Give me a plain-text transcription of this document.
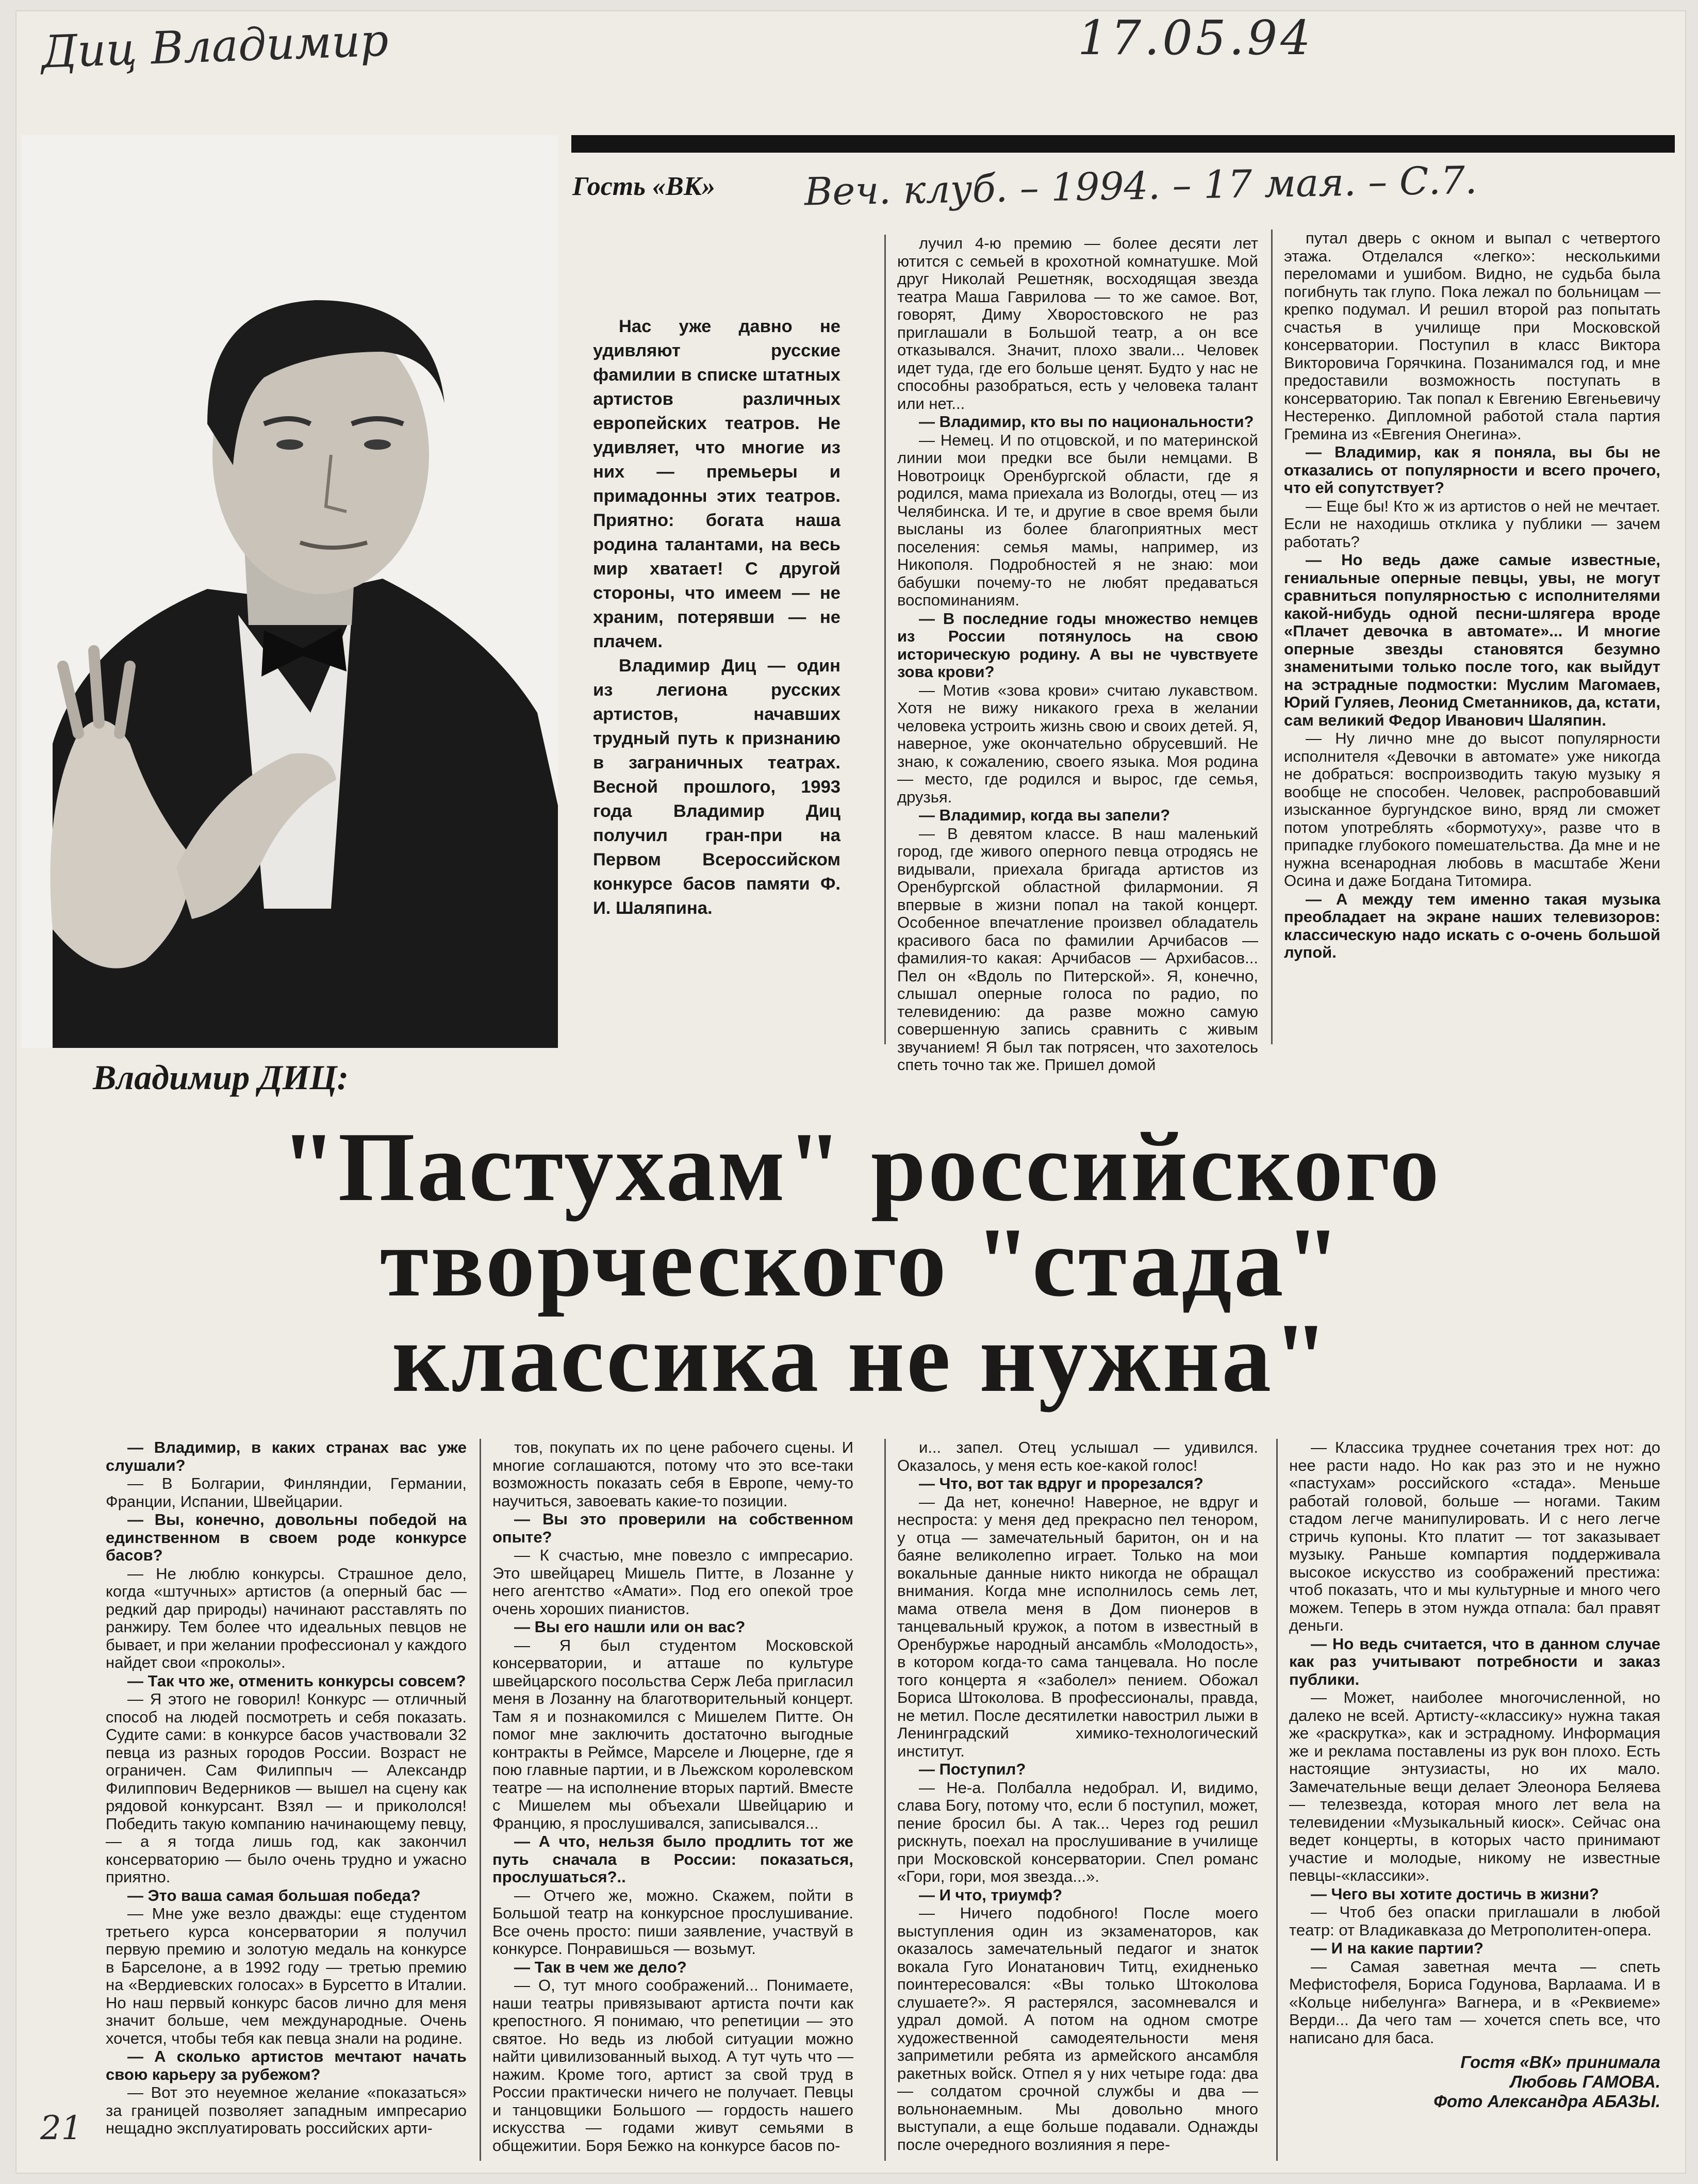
Диц Владимир	17.05.94
Гость «ВК» Веч. клуб. – 1994. – 17 мая. – С.7.

Нас уже давно не удивляют русские фамилии в списке штатных артистов различных европейских театров. Не удивляет, что многие из них — премьеры и примадонны этих театров. Приятно: богата наша родина талантами, на весь мир хватает! С другой стороны, что имеем — не храним, потерявши — не плачем.

Владимир Диц — один из легиона русских артистов, начавших трудный путь к признанию в заграничных театрах. Весной прошлого, 1993 года Владимир Диц получил гран-при на Первом Всероссийском конкурсе басов памяти Ф. И. Шаляпина.

лучил 4-ю премию — более десяти лет ютится с семьей в крохотной комнатушке. Мой друг Николай Решетняк, восходящая звезда театра Маша Гаврилова — то же самое. Вот, говорят, Диму Хворостовского не раз приглашали в Большой театр, а он все отказывался. Значит, плохо звали... Человек идет туда, где его больше ценят. Будто у нас не способны разобраться, есть у человека талант или нет...

— Владимир, кто вы по национальности?

— Немец. И по отцовской, и по материнской линии мои предки все были немцами. В Новотроицк Оренбургской области, где я родился, мама приехала из Вологды, отец — из Челябинска. И те, и другие в свое время были высланы из более благоприятных мест поселения: семья мамы, например, из Никополя. Подробностей я не знаю: мои бабушки почему-то не любят предаваться воспоминаниям.

— В последние годы множество немцев из России потянулось на свою историческую родину. А вы не чувствуете зова крови?

— Мотив «зова крови» считаю лукавством. Хотя не вижу никакого греха в желании человека устроить жизнь свою и своих детей. Я, наверное, уже окончательно обрусевший. Не знаю, к сожалению, своего языка. Моя родина — место, где родился и вырос, где семья, друзья.

— Владимир, когда вы запели?

— В девятом классе. В наш маленький город, где живого оперного певца отродясь не видывали, приехала бригада артистов из Оренбургской областной филармонии. Я впервые в жизни попал на такой концерт. Особенное впечатление произвел обладатель красивого баса по фамилии Арчибасов — фамилия-то какая: Арчибасов — Архибасов... Пел он «Вдоль по Питерской». Я, конечно, слышал оперные голоса по радио, по телевидению: да разве можно самую совершенную запись сравнить с живым звучанием! Я был так потрясен, что захотелось спеть точно так же. Пришел домой

путал дверь с окном и выпал с четвертого этажа. Отделался «легко»: несколькими переломами и ушибом. Видно, не судьба была погибнуть так глупо. Пока лежал по больницам — крепко подумал. И решил второй раз попытать счастья в училище при Московской консерватории. Поступил в класс Виктора Викторовича Горячкина. Позанимался год, и мне предоставили возможность поступать в консерваторию. Так попал к Евгению Евгеньевичу Нестеренко. Дипломной работой стала партия Гремина из «Евгения Онегина».

— Владимир, как я поняла, вы бы не отказались от популярности и всего прочего, что ей сопутствует?

— Еще бы! Кто ж из артистов о ней не мечтает. Если не находишь отклика у публики — зачем работать?

— Но ведь даже самые известные, гениальные оперные певцы, увы, не могут сравниться популярностью с исполнителями какой-нибудь одной песни-шлягера вроде «Плачет девочка в автомате»... И многие оперные звезды становятся безумно знаменитыми только после того, как выйдут на эстрадные подмостки: Муслим Магомаев, Юрий Гуляев, Леонид Сметанников, да, кстати, сам великий Федор Иванович Шаляпин.

— Ну лично мне до высот популярности исполнителя «Девочки в автомате» уже никогда не добраться: воспроизводить такую музыку я вообще не способен. Человек, распробовавший изысканное бургундское вино, вряд ли сможет потом употреблять «бормотуху», разве что в припадке глубокого помешательства. Да мне и не нужна всенародная любовь в масштабе Жени Осина и даже Богдана Титомира.

— А между тем именно такая музыка преобладает на экране наших телевизоров: классическую надо искать с о-очень большой лупой.

Владимир ДИЦ:
"Пастухам" российского
творческого "стада"
классика не нужна"

— Владимир, в каких странах вас уже слушали?

— В Болгарии, Финляндии, Германии, Франции, Испании, Швейцарии.

— Вы, конечно, довольны победой на единственном в своем роде конкурсе басов?

— Не люблю конкурсы. Страшное дело, когда «штучных» артистов (а оперный бас — редкий дар природы) начинают расставлять по ранжиру. Тем более что идеальных певцов не бывает, и при желании профессионал у каждого найдет свои «проколы».

— Так что же, отменить конкурсы совсем?

— Я этого не говорил! Конкурс — отличный способ на людей посмотреть и себя показать. Судите сами: в конкурсе басов участвовали 32 певца из разных городов России. Возраст не ограничен. Сам Филиппыч — Александр Филиппович Ведерников — вышел на сцену как рядовой конкурсант. Взял — и прикололся! Победить такую компанию начинающему певцу, — а я тогда лишь год, как закончил консерваторию — было очень трудно и ужасно приятно.

— Это ваша самая большая победа?

— Мне уже везло дважды: еще студентом третьего курса консерватории я получил первую премию и золотую медаль на конкурсе в Барселоне, а в 1992 году — третью премию на «Вердиевских голосах» в Бурсетто в Италии. Но наш первый конкурс басов лично для меня значит больше, чем международные. Очень хочется, чтобы тебя как певца знали на родине.

— А сколько артистов мечтают начать свою карьеру за рубежом?

— Вот это неуемное желание «показаться» за границей позволяет западным импресарио нещадно эксплуатировать российских арти-

тов, покупать их по цене рабочего сцены. И многие соглашаются, потому что это все-таки возможность показать себя в Европе, чему-то научиться, завоевать какие-то позиции.

— Вы это проверили на собственном опыте?

— К счастью, мне повезло с импресарио. Это швейцарец Мишель Питте, в Лозанне у него агентство «Амати». Под его опекой трое очень хороших пианистов.

— Вы его нашли или он вас?

— Я был студентом Московской консерватории, и атташе по культуре швейцарского посольства Серж Леба пригласил меня в Лозанну на благотворительный концерт. Там я и познакомился с Мишелем Питте. Он помог мне заключить достаточно выгодные контракты в Реймсе, Марселе и Люцерне, где я пою главные партии, и в Льежском королевском театре — на исполнение вторых партий. Вместе с Мишелем мы объехали Швейцарию и Францию, я прослушивался, записывался...

— А что, нельзя было продлить тот же путь сначала в России: показаться, прослушаться?..

— Отчего же, можно. Скажем, пойти в Большой театр на конкурсное прослушивание. Все очень просто: пиши заявление, участвуй в конкурсе. Понравишься — возьмут.

— Так в чем же дело?

— О, тут много соображений... Понимаете, наши театры привязывают артиста почти как крепостного. Я понимаю, что репетиции — это святое. Но ведь из любой ситуации можно найти цивилизованный выход. А тут чуть что — нажим. Кроме того, артист за свой труд в России практически ничего не получает. Певцы и танцовщики Большого — гордость нашего искусства — годами живут семьями в общежитии. Боря Бежко на конкурсе басов по-

и... запел. Отец услышал — удивился. Оказалось, у меня есть кое-какой голос!

— Что, вот так вдруг и прорезался?

— Да нет, конечно! Наверное, не вдруг и неспроста: у меня дед прекрасно пел тенором, у отца — замечательный баритон, он и на баяне великолепно играет. Только на мои вокальные данные никто никогда не обращал внимания. Когда мне исполнилось семь лет, мама отвела меня в Дом пионеров в танцевальный кружок, а потом в известный в Оренбуржье народный ансамбль «Молодость», в котором когда-то сама танцевала. Но после того концерта я «заболел» пением. Обожал Бориса Штоколова. В профессионалы, правда, не метил. После десятилетки навострил лыжи в Ленинградский химико-технологический институт.

— Поступил?

— Не-а. Полбалла недобрал. И, видимо, слава Богу, потому что, если б поступил, может, пение бросил бы. А так... Через год решил рискнуть, поехал на прослушивание в училище при Московской консерватории. Спел романс «Гори, гори, моя звезда...».

— И что, триумф?

— Ничего подобного! После моего выступления один из экзаменаторов, как оказалось замечательный педагог и знаток вокала Гуго Ионатанович Титц, ехидненько поинтересовался: «Вы только Штоколова слушаете?». Я растерялся, засомневался и удрал домой. А потом на одном смотре художественной самодеятельности меня заприметили ребята из армейского ансамбля ракетных войск. Отпел я у них четыре года: два — солдатом срочной службы и два — вольнонаемным. Мы довольно много выступали, а еще больше подавали. Однажды после очередного возлияния я пере-

— Классика труднее сочетания трех нот: до нее расти надо. Но как раз это и не нужно «пастухам» российского «стада». Меньше работай головой, больше — ногами. Таким стадом легче манипулировать. И с него легче стричь купоны. Кто платит — тот заказывает музыку. Раньше компартия поддерживала высокое искусство из соображений престижа: чтоб показать, что и мы культурные и много чего можем. Теперь в этом нужда отпала: бал правят деньги.

— Но ведь считается, что в данном случае как раз учитывают потребности и заказ публики.

— Может, наиболее многочисленной, но далеко не всей. Артисту-«классику» нужна такая же «раскрутка», как и эстрадному. Информация же и реклама поставлены из рук вон плохо. Есть настоящие энтузиасты, но их мало. Замечательные вещи делает Элеонора Беляева — телезвезда, которая много лет вела на телевидении «Музыкальный киоск». Сейчас она ведет концерты, в которых часто принимают участие и молодые, никому не известные певцы-«классики».

— Чего вы хотите достичь в жизни?

— Чтоб без опаски приглашали в любой театр: от Владикавказа до Метрополитен-опера.

— И на какие партии?

— Самая заветная мечта — спеть Мефистофеля, Бориса Годунова, Варлаама. И в «Кольце нибелунга» Вагнера, и в «Реквиеме» Верди... Да чего там — хочется спеть все, что написано для баса.

Гостя «ВК» принимала
Любовь ГАМОВА.
Фото Александра АБАЗЫ.
21
